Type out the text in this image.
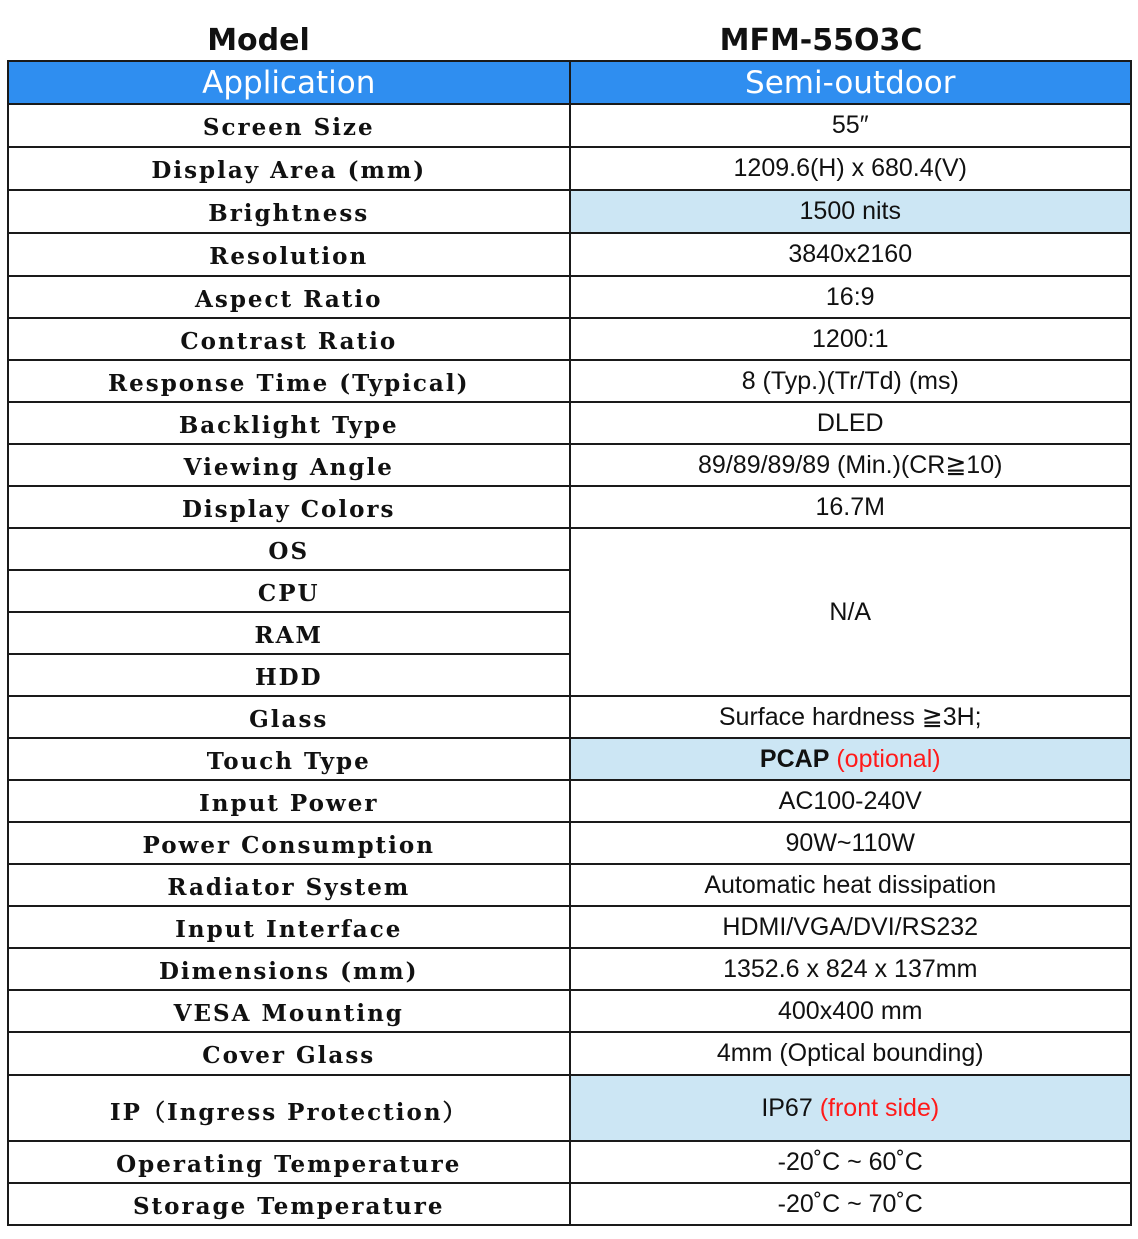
Model	MFM-55O3C
Application	Semi-outdoor
Screen Size	55″
Display Area (mm)	1209.6(H) x 680.4(V)
Brightness	1500 nits
Resolution	3840x2160
Aspect Ratio	16:9
Contrast Ratio	1200:1
Response Time (Typical)	8 (Typ.)(Tr/Td) (ms)
Backlight Type	DLED
Viewing Angle	89/89/89/89 (Min.)(CR≧10)
Display Colors	16.7M
OS	N/A
CPU	
RAM	
HDD	
Glass	Surface hardness ≧3H;
Touch Type	PCAP (optional)
Input Power	AC100-240V
Power Consumption	90W~110W
Radiator System	Automatic heat dissipation
Input Interface	HDMI/VGA/DVI/RS232
Dimensions (mm)	1352.6 x 824 x 137mm
VESA Mounting	400x400 mm
Cover Glass	4mm (Optical bounding)
IP（Ingress Protection）	IP67 (front side)
Operating Temperature	-20˚C ~ 60˚C
Storage Temperature	-20˚C ~ 70˚C
